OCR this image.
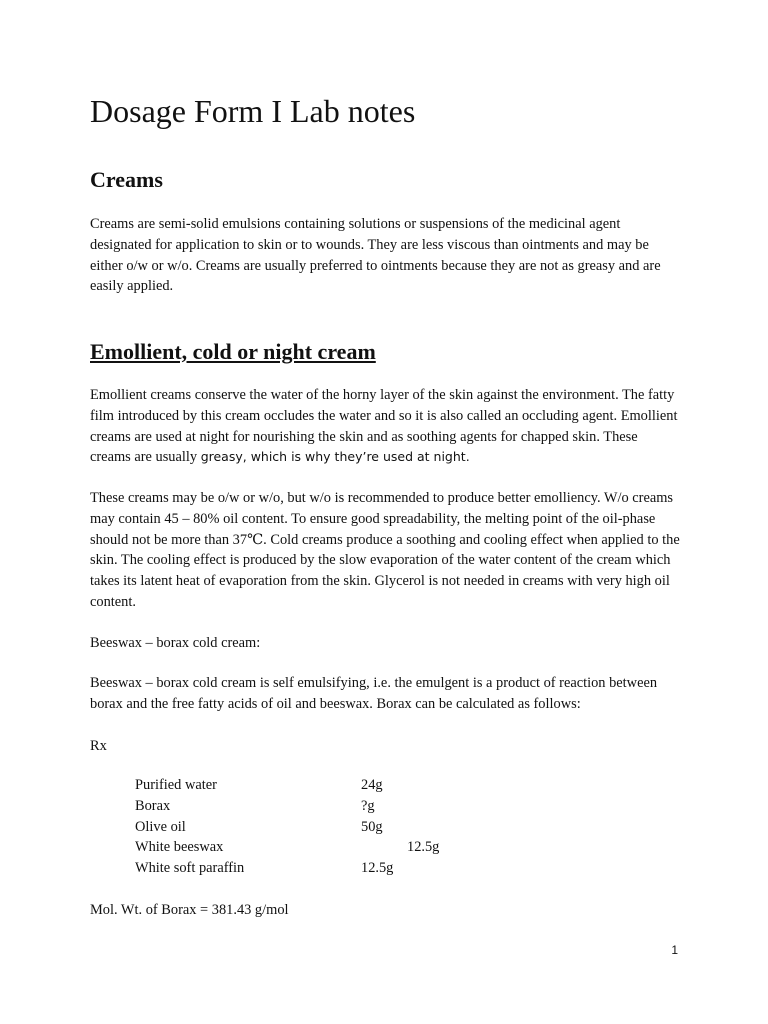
Dosage Form I Lab notes
Creams

Creams are semi-solid emulsions containing solutions or suspensions of the medicinal agent designated for application to skin or to wounds. They are less viscous than ointments and may be either o/w or w/o. Creams are usually preferred to ointments because they are not as greasy and are easily applied.

Emollient, cold or night cream

Emollient creams conserve the water of the horny layer of the skin against the environment. The fatty film introduced by this cream occludes the water and so it is also called an occluding agent. Emollient creams are used at night for nourishing the skin and as soothing agents for chapped skin. These creams are usually greasy, which is why they’re used at night.

These creams may be o/w or w/o, but w/o is recommended to produce better emolliency. W/o creams may contain 45 – 80% oil content. To ensure good spreadability, the melting point of the oil-phase should not be more than 37℃. Cold creams produce a soothing and cooling effect when applied to the skin. The cooling effect is produced by the slow evaporation of the water content of the cream which takes its latent heat of evaporation from the skin. Glycerol is not needed in creams with very high oil content.

Beeswax – borax cold cream:

Beeswax – borax cold cream is self emulsifying, i.e. the emulgent is a product of reaction between borax and the free fatty acids of oil and beeswax. Borax can be calculated as follows:

Rx

Purified water	24g
Borax	?g
Olive oil	50g
White beeswax	12.5g
White soft paraffin	12.5g

Mol. Wt. of Borax = 381.43 g/mol

1
